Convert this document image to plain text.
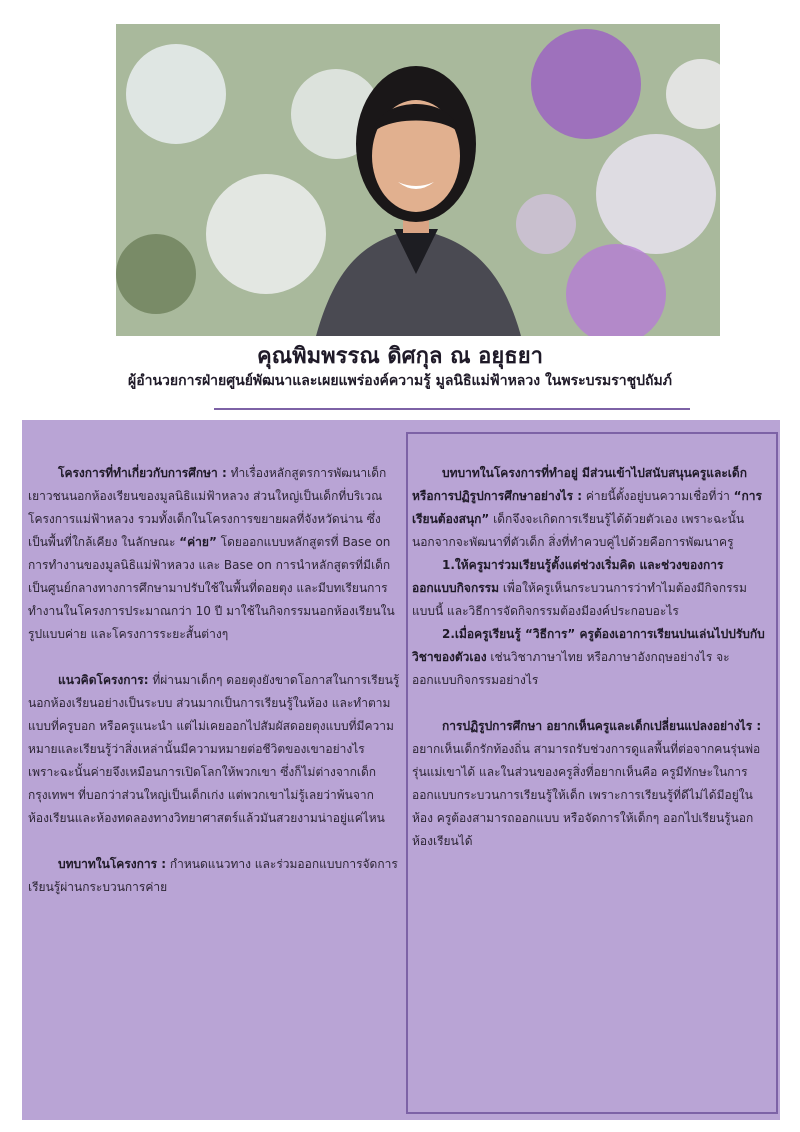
คุณพิมพรรณ ดิศกุล ณ อยุธยา
ผู้อำนวยการฝ่ายศูนย์พัฒนาและเผยแพร่องค์ความรู้ มูลนิธิแม่ฟ้าหลวง ในพระบรมราชูปถัมภ์

โครงการที่ทำเกี่ยวกับการศึกษา : ทำเรื่องหลักสูตรการพัฒนาเด็กเยาวชนนอกห้องเรียนของมูลนิธิแม่ฟ้าหลวง ส่วนใหญ่เป็นเด็กที่บริเวณโครงการแม่ฟ้าหลวง รวมทั้งเด็กในโครงการขยายผลที่จังหวัดน่าน ซึ่งเป็นพื้นที่ใกล้เคียง ในลักษณะ “ค่าย” โดยออกแบบหลักสูตรที่ Base on การทำงานของมูลนิธิแม่ฟ้าหลวง และ Base on การนำหลักสูตรที่มีเด็กเป็นศูนย์กลางทางการศึกษามาปรับใช้ในพื้นที่ดอยตุง และมีบทเรียนการทำงานในโครงการประมาณกว่า 10 ปี มาใช้ในกิจกรรมนอกห้องเรียนในรูปแบบค่าย และโครงการระยะสั้นต่างๆ

แนวคิดโครงการ: ที่ผ่านมาเด็กๆ ดอยตุงยังขาดโอกาสในการเรียนรู้นอกห้องเรียนอย่างเป็นระบบ ส่วนมากเป็นการเรียนรู้ในห้อง และทำตามแบบที่ครูบอก หรือครูแนะนำ แต่ไม่เคยออกไปสัมผัสดอยตุงแบบที่มีความหมายและเรียนรู้ว่าสิ่งเหล่านั้นมีความหมายต่อชีวิตของเขาอย่างไร เพราะฉะนั้นค่ายจึงเหมือนการเปิดโลกให้พวกเขา ซึ่งก็ไม่ต่างจากเด็กกรุงเทพฯ ที่บอกว่าส่วนใหญ่เป็นเด็กเก่ง แต่พวกเขาไม่รู้เลยว่าพ้นจากห้องเรียนและห้องทดลองทางวิทยาศาสตร์แล้วมันสวยงามน่าอยู่แค่ไหน

บทบาทในโครงการ : กำหนดแนวทาง และร่วมออกแบบการจัดการเรียนรู้ผ่านกระบวนการค่าย

บทบาทในโครงการที่ทำอยู่ มีส่วนเข้าไปสนับสนุนครูและเด็ก หรือการปฏิรูปการศึกษาอย่างไร : ค่ายนี้ตั้งอยู่บนความเชื่อที่ว่า “การเรียนต้องสนุก” เด็กจึงจะเกิดการเรียนรู้ได้ด้วยตัวเอง เพราะฉะนั้น นอกจากจะพัฒนาที่ตัวเด็ก สิ่งที่ทำควบคู่ไปด้วยคือการพัฒนาครู

1.ให้ครูมาร่วมเรียนรู้ตั้งแต่ช่วงเริ่มคิด และช่วงของการออกแบบกิจกรรม เพื่อให้ครูเห็นกระบวนการว่าทำไมต้องมีกิจกรรมแบบนี้ และวิธีการจัดกิจกรรมต้องมีองค์ประกอบอะไร

2.เมื่อครูเรียนรู้ “วิธีการ” ครูต้องเอาการเรียนปนเล่นไปปรับกับวิชาของตัวเอง เช่นวิชาภาษาไทย หรือภาษาอังกฤษอย่างไร จะออกแบบกิจกรรมอย่างไร

การปฏิรูปการศึกษา อยากเห็นครูและเด็กเปลี่ยนแปลงอย่างไร : อยากเห็นเด็กรักท้องถิ่น สามารถรับช่วงการดูแลพื้นที่ต่อจากคนรุ่นพ่อ รุ่นแม่เขาได้ และในส่วนของครูสิ่งที่อยากเห็นคือ ครูมีทักษะในการออกแบบกระบวนการเรียนรู้ให้เด็ก เพราะการเรียนรู้ที่ดีไม่ได้มีอยู่ในห้อง ครูต้องสามารถออกแบบ หรือจัดการให้เด็กๆ ออกไปเรียนรู้นอกห้องเรียนได้
